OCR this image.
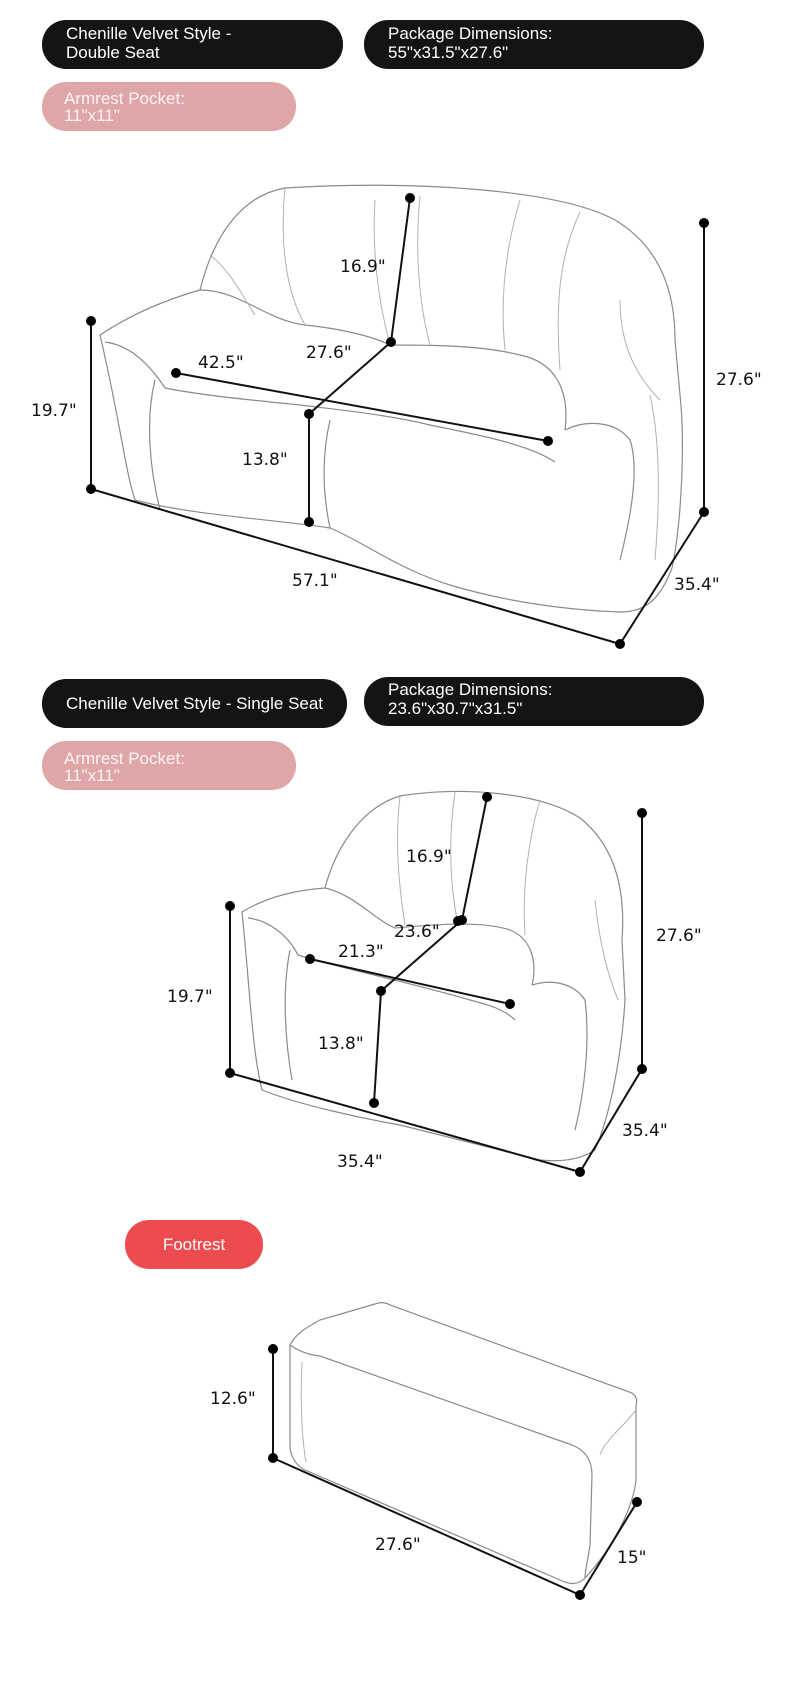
Chenille Velvet Style -
Double Seat
Package Dimensions:
55"x31.5"x27.6"
Armrest Pocket:
11"x11"
Chenille Velvet Style - Single Seat
Package Dimensions:
23.6"x30.7"x31.5"
Armrest Pocket:
11"x11"
Footrest
16.9"
27.6"
42.5"
19.7"
13.8"
27.6"
57.1"	35.4"
16.9"
23.6"
21.3"
19.7"
13.8"
27.6"
35.4"
35.4"
12.6"
27.6"
15"
